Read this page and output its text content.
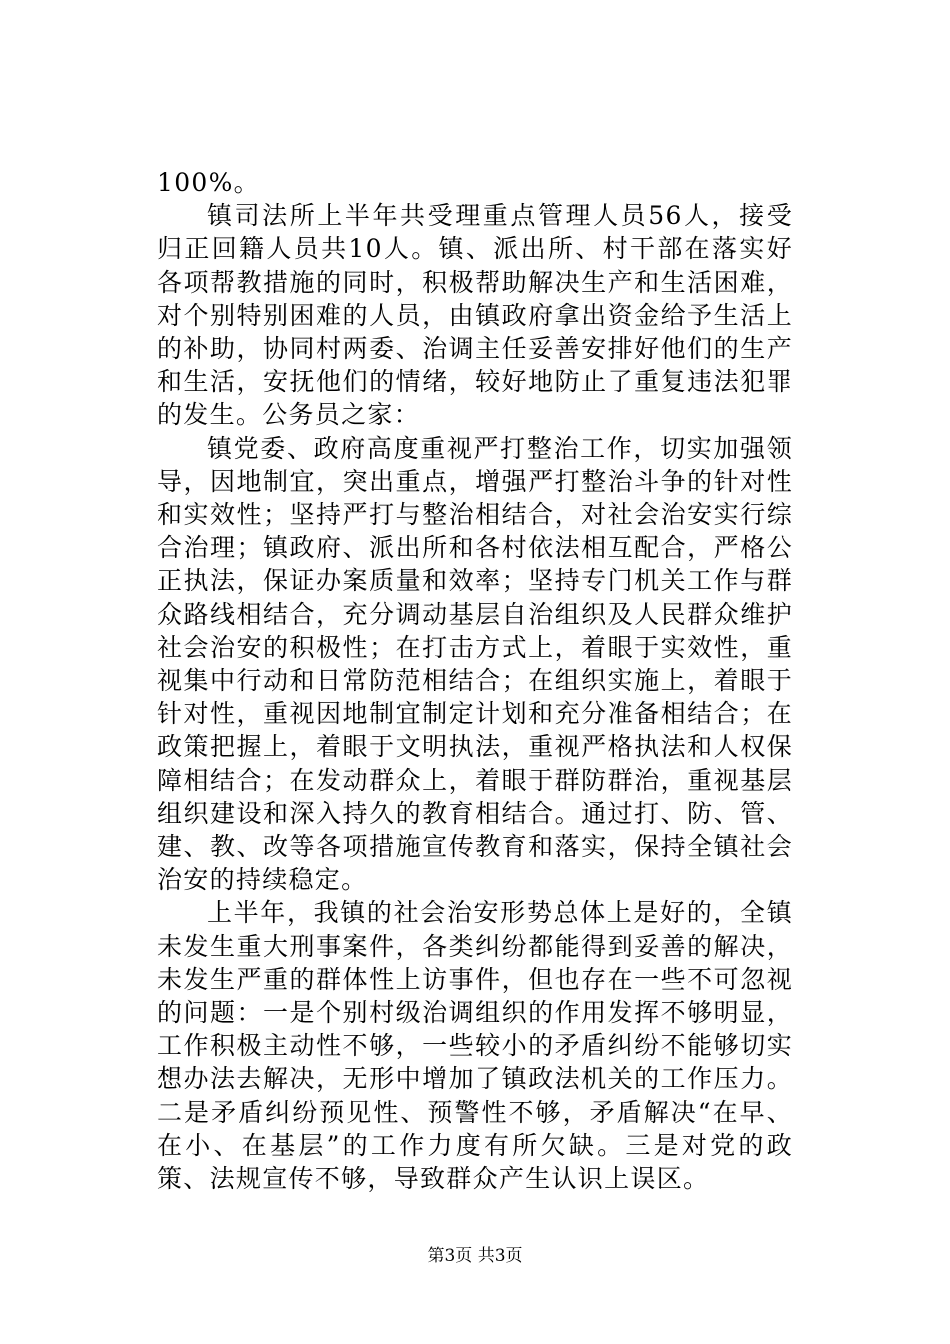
100%。

镇司法所上半年共受理重点管理人员56人，接受归正回籍人员共10人。镇、派出所、村干部在落实好各项帮教措施的同时，积极帮助解决生产和生活困难，对个别特别困难的人员，由镇政府拿出资金给予生活上的补助，协同村两委、治调主任妥善安排好他们的生产和生活，安抚他们的情绪，较好地防止了重复违法犯罪的发生。公务员之家：

镇党委、政府高度重视严打整治工作，切实加强领导，因地制宜，突出重点，增强严打整治斗争的针对性和实效性；坚持严打与整治相结合，对社会治安实行综合治理；镇政府、派出所和各村依法相互配合，严格公正执法，保证办案质量和效率；坚持专门机关工作与群众路线相结合，充分调动基层自治组织及人民群众维护社会治安的积极性；在打击方式上，着眼于实效性，重视集中行动和日常防范相结合；在组织实施上，着眼于针对性，重视因地制宜制定计划和充分准备相结合；在政策把握上，着眼于文明执法，重视严格执法和人权保障相结合；在发动群众上，着眼于群防群治，重视基层组织建设和深入持久的教育相结合。通过打、防、管、建、教、改等各项措施宣传教育和落实，保持全镇社会治安的持续稳定。

上半年，我镇的社会治安形势总体上是好的，全镇未发生重大刑事案件，各类纠纷都能得到妥善的解决，未发生严重的群体性上访事件，但也存在一些不可忽视的问题：一是个别村级治调组织的作用发挥不够明显，工作积极主动性不够，一些较小的矛盾纠纷不能够切实想办法去解决，无形中增加了镇政法机关的工作压力。二是矛盾纠纷预见性、预警性不够，矛盾解决“在早、在小、在基层”的工作力度有所欠缺。三是对党的政策、法规宣传不够，导致群众产生认识上误区。

第3页 共3页
